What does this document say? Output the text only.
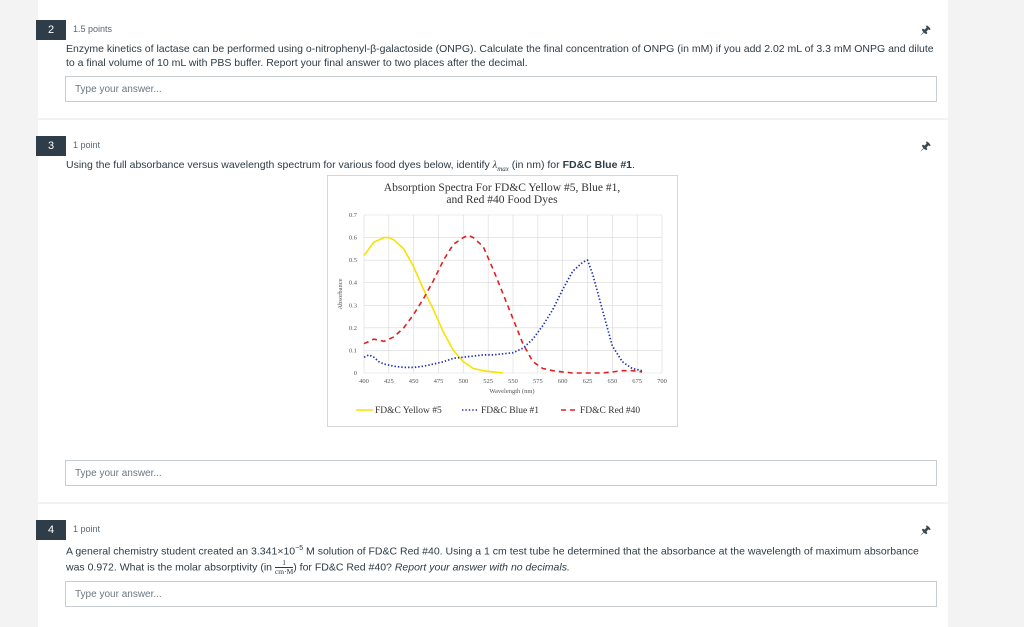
2	1.5 points	🖈
Enzyme kinetics of lactase can be performed using o-nitrophenyl-β-galactoside (ONPG). Calculate the final concentration of ONPG (in mM) if you add 2.02 mL of 3.3 mM ONPG and dilute to a final volume of 10 mL with PBS buffer. Report your final answer to two places after the decimal.
Type your answer...
3	1 point	🖈
Using the full absorbance versus wavelength spectrum for various food dyes below, identify $\lambda_{max}$ (in nm) for FD&C Blue #1.
Absorption Spectra For FD&C Yellow #5, Blue #1,
and Red #40 Food Dyes
0
0.1
0.2
0.3
0.4
0.5
0.6
0.7
400 425 450 475 500 525 550 575 600 625 650 675 700
Absorbance
Wavelength (nm)
FD&C Yellow #5	FD&C Blue #1	FD&C Red #40
Type your answer...
4	1 point	🖈
A general chemistry student created an $3.341\times 10^{-5}$ M solution of FD&C Red #40. Using a 1 cm test tube he determined that the absorbance at the wavelength of maximum absorbance was 0.972. What is the molar absorptivity ($in \frac{1}{cm\cdot M}$ ) for FD&C Red #40? Report your answer with no decimals.
Type your answer...
